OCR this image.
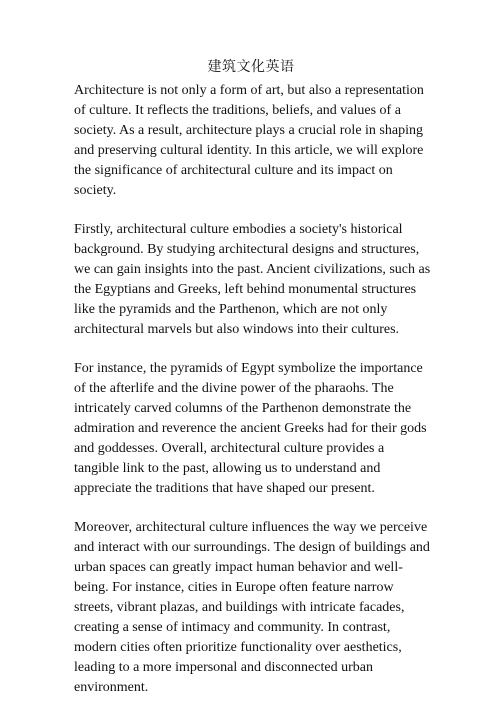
建筑文化英语

Architecture is not only a form of art, but also a representation of culture. It reflects the traditions, beliefs, and values of a society. As a result, architecture plays a crucial role in shaping and preserving cultural identity. In this article, we will explore the significance of architectural culture and its impact on society.

Firstly, architectural culture embodies a society's historical background. By studying architectural designs and structures, we can gain insights into the past. Ancient civilizations, such as the Egyptians and Greeks, left behind monumental structures like the pyramids and the Parthenon, which are not only architectural marvels but also windows into their cultures.

For instance, the pyramids of Egypt symbolize the importance of the afterlife and the divine power of the pharaohs. The intricately carved columns of the Parthenon demonstrate the admiration and reverence the ancient Greeks had for their gods and goddesses. Overall, architectural culture provides a tangible link to the past, allowing us to understand and appreciate the traditions that have shaped our present.

Moreover, architectural culture influences the way we perceive and interact with our surroundings. The design of buildings and urban spaces can greatly impact human behavior and well-being. For instance, cities in Europe often feature narrow streets, vibrant plazas, and buildings with intricate facades, creating a sense of intimacy and community. In contrast, modern cities often prioritize functionality over aesthetics, leading to a more impersonal and disconnected urban environment.
